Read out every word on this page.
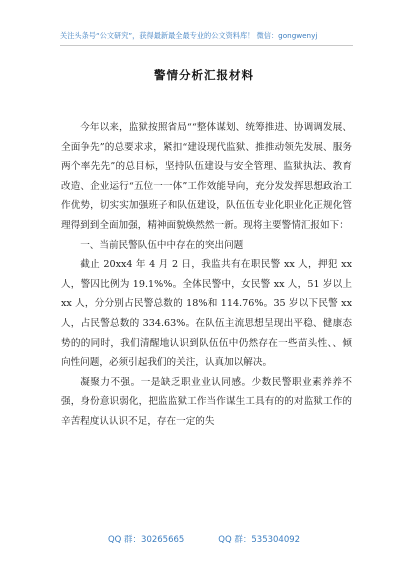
关注头条号“公文研究”，获得最新最全最专业的公文资料库！ 微信：gongwenyj
警情分析汇报材料

今年以来，监狱按照省局““整体谋划、统筹推进、协调调发展、全面争先”的总要求求，紧扣“建设现代监狱、推推动领先发展、服务两个率先先”的总目标，坚持队伍建设与安全管理、监狱执法、教育改造、企业运行“五位一一体”工作效能导向，充分发发挥思想政治工作优势，切实实加强班子和队伍建设，队伍伍专业化职业化正规化管理得到到全面加强，精神面貌焕然然一新。现将主要警情汇报如下：

一、当前民警队伍中中存在的突出问题

截止 20xx4 年 4 月 2 日，我监共有在职民警 xx 人，押犯 xx 人，警囚比例为 19.1%%。全体民警中，女民警 xx 人，51 岁以上 xx 人，分分别占民警总数的 18%和 114.76%。35 岁以下民警 xx 人，占民警总数的 334.63%。在队伍主流思想呈现出平稳、健康态势的的同时，我们清醒地认识到队伍伍中仍然存在一些苗头性、、倾向性问题，必须引起我们的关注，认真加以解决。

凝聚力不强。一是缺乏职业业认同感。少数民警职业素养养不强，身份意识弱化，把监监狱工作当作谋生工具有的的对监狱工作的辛苦程度认认识不足，存在一定的失

QQ 群：30265665	QQ 群：535304092
